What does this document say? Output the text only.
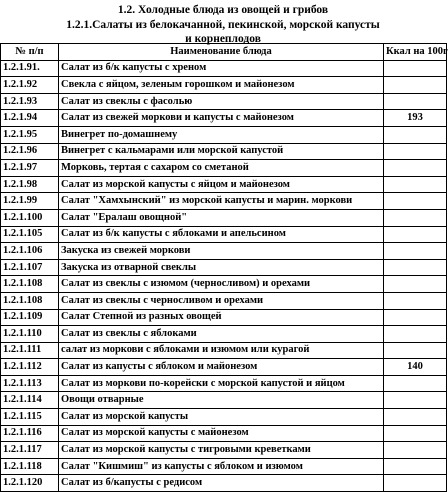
1.2. Холодные блюда из овощей и грибов
1.2.1.Салаты из белокачанной, пекинской, морской капусты
и корнеплодов
№ п/п	Наименование блюда	Ккал на 100г
1.2.1.91.	Салат из б/к капусты с хреном	
1.2.1.92	Свекла с яйцом, зеленым горошком и майонезом	
1.2.1.93	Салат из свеклы с фасолью	
1.2.1.94	Салат из свежей моркови и капусты с майонезом	193
1.2.1.95	Винегрет по-домашнему	
1.2.1.96	Винегрет с кальмарами или морской капустой	
1.2.1.97	Морковь, тертая с сахаром со сметаной	
1.2.1.98	Салат из морской капусты с яйцом и майонезом	
1.2.1.99	Салат "Хамхынский" из морской капусты и марин. моркови	
1.2.1.100	Салат "Ералаш овощной"	
1.2.1.105	Салат из б/к капусты с яблоками и апельсином	
1.2.1.106	Закуска из свежей моркови	
1.2.1.107	Закуска из отварной свеклы	
1.2.1.108	Салат из свеклы с изюмом (черносливом) и орехами	
1.2.1.108	Салат из свеклы с черносливом и орехами	
1.2.1.109	Салат Степной из разных овощей	
1.2.1.110	Салат из свеклы с яблоками	
1.2.1.111	салат из моркови с яблоками и изюмом или курагой	
1.2.1.112	Салат из капусты с яблоком и майонезом	140
1.2.1.113	Салат из моркови по-корейски с морской капустой и яйцом	
1.2.1.114	Овощи отварные	
1.2.1.115	Салат из морской капусты	
1.2.1.116	Салат из морской капусты с майонезом	
1.2.1.117	Салат из морской капусты с тигровыми креветками	
1.2.1.118	Салат "Кишмиш" из капусты с яблоком и изюмом	
1.2.1.120	Салат из б/капусты с редисом	
